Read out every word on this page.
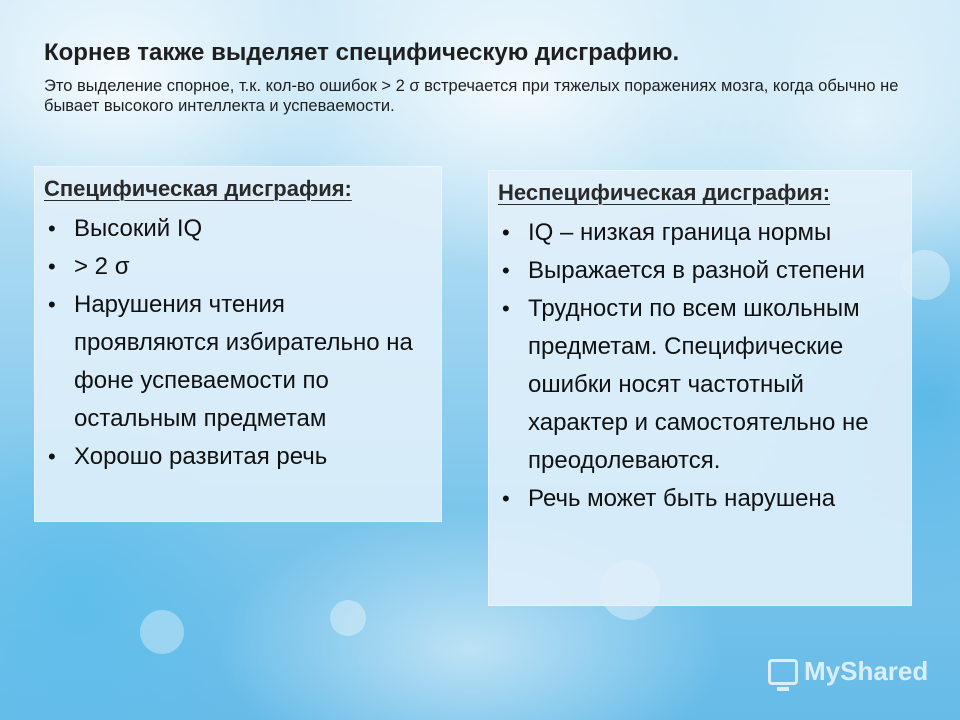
Корнев также выделяет специфическую дисграфию.

Это выделение спорное, т.к. кол-во ошибок > 2 σ встречается при тяжелых поражениях мозга, когда обычно не бывает высокого интеллекта и успеваемости.

Специфическая дисграфия:
• Высокий IQ
• > 2 σ
• Нарушения чтения проявляются избирательно на фоне успеваемости по остальным предметам
• Хорошо развитая речь
Неспецифическая дисграфия:
• IQ – низкая граница нормы
• Выражается в разной степени
• Трудности по всем школьным предметам. Специфические ошибки носят частотный характер и самостоятельно не преодолеваются.
• Речь может быть нарушена
MyShared
